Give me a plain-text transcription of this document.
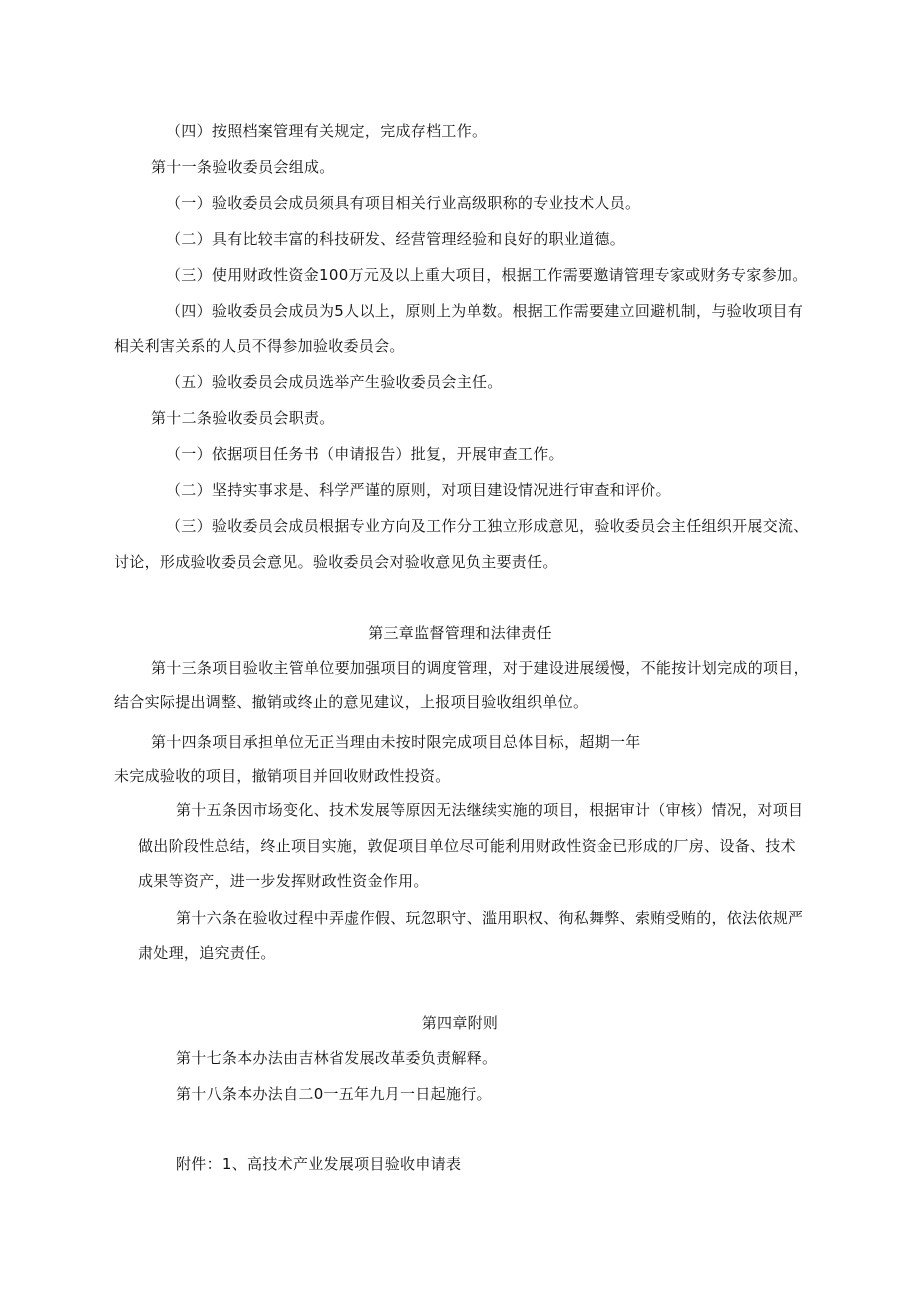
（四）按照档案管理有关规定，完成存档工作。
第十一条验收委员会组成。
（一）验收委员会成员须具有项目相关行业高级职称的专业技术人员。
（二）具有比较丰富的科技研发、经营管理经验和良好的职业道德。
（三）使用财政性资金100万元及以上重大项目，根据工作需要邀请管理专家或财务专家参加。
（四）验收委员会成员为5人以上，原则上为单数。根据工作需要建立回避机制，与验收项目有
相关利害关系的人员不得参加验收委员会。
（五）验收委员会成员选举产生验收委员会主任。
第十二条验收委员会职责。
（一）依据项目任务书（申请报告）批复，开展审查工作。
（二）坚持实事求是、科学严谨的原则，对项目建设情况进行审查和评价。
（三）验收委员会成员根据专业方向及工作分工独立形成意见，验收委员会主任组织开展交流、
讨论，形成验收委员会意见。验收委员会对验收意见负主要责任。
第三章监督管理和法律责任
第十三条项目验收主管单位要加强项目的调度管理，对于建设进展缓慢，不能按计划完成的项目，
结合实际提出调整、撤销或终止的意见建议，上报项目验收组织单位。
第十四条项目承担单位无正当理由未按时限完成项目总体目标，超期一年
未完成验收的项目，撤销项目并回收财政性投资。
第十五条因市场变化、技术发展等原因无法继续实施的项目，根据审计（审核）情况，对项目
做出阶段性总结，终止项目实施，敦促项目单位尽可能利用财政性资金已形成的厂房、设备、技术
成果等资产，进一步发挥财政性资金作用。
第十六条在验收过程中弄虚作假、玩忽职守、滥用职权、徇私舞弊、索贿受贿的，依法依规严
肃处理，追究责任。
第四章附则
第十七条本办法由吉林省发展改革委负责解释。
第十八条本办法自二0一五年九月一日起施行。
附件：1、高技术产业发展项目验收申请表
